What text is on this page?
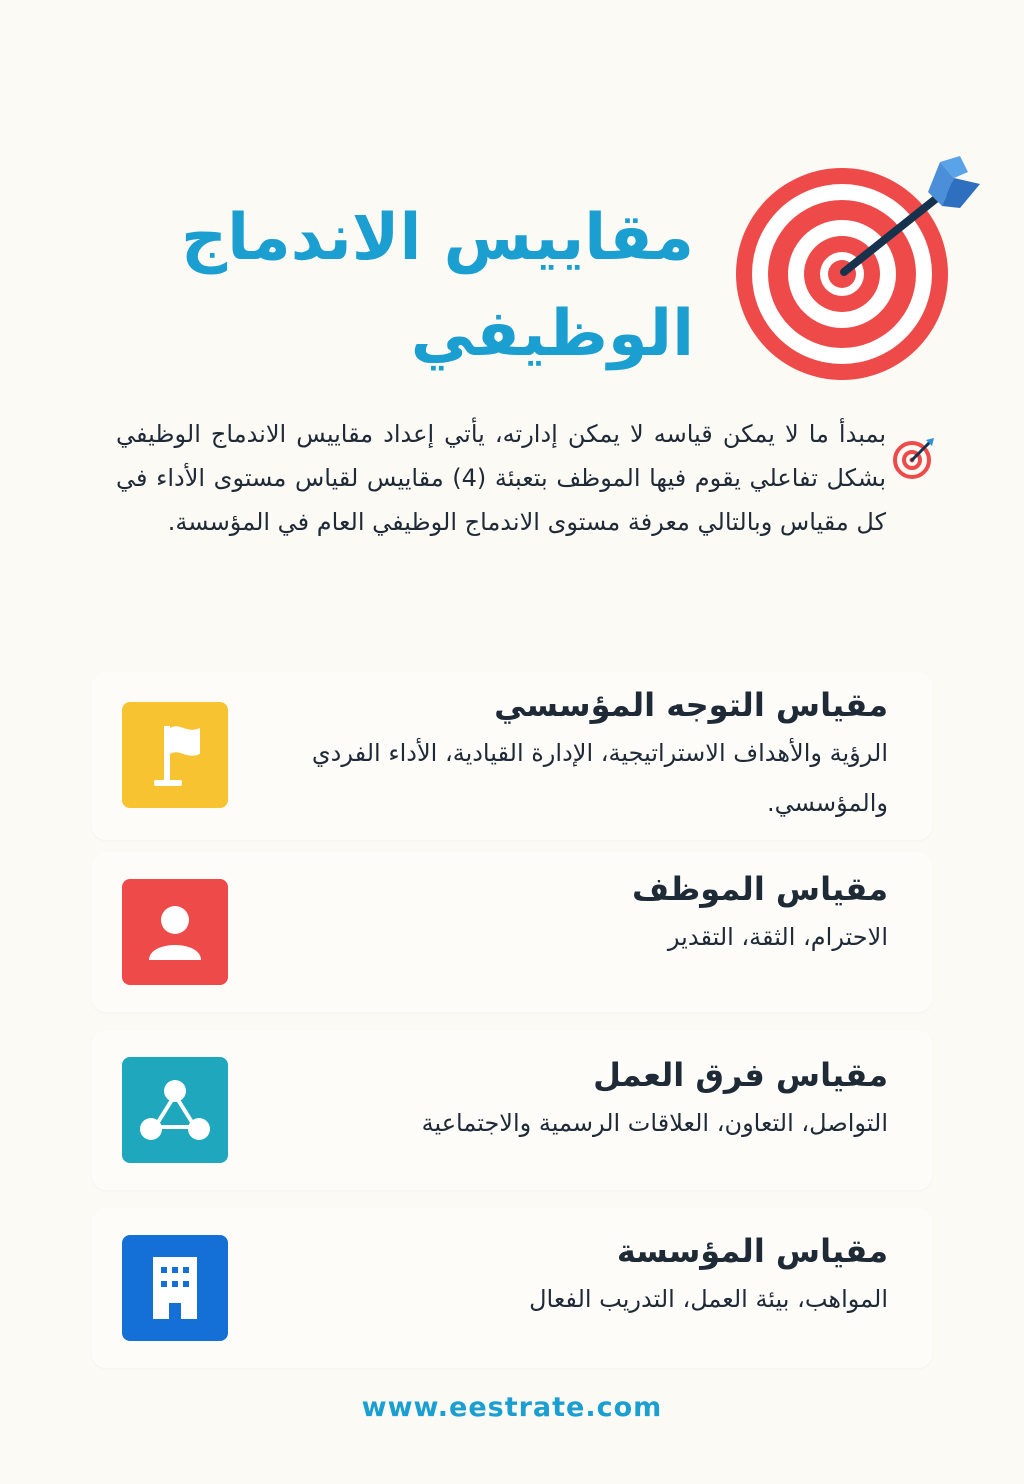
مقاييس الاندماج
الوظيفي

بمبدأ ما لا يمكن قياسه لا يمكن إدارته، يأتي إعداد مقاييس الاندماج الوظيفي بشكل تفاعلي يقوم فيها الموظف بتعبئة (4) مقاييس لقياس مستوى الأداء في كل مقياس وبالتالي معرفة مستوى الاندماج الوظيفي العام في المؤسسة.

مقياس التوجه المؤسسي
الرؤية والأهداف الاستراتيجية، الإدارة القيادية، الأداء الفردي والمؤسسي.
مقياس الموظف
الاحترام، الثقة، التقدير
مقياس فرق العمل
التواصل، التعاون، العلاقات الرسمية والاجتماعية
مقياس المؤسسة
المواهب، بيئة العمل، التدريب الفعال
www.eestrate.com
